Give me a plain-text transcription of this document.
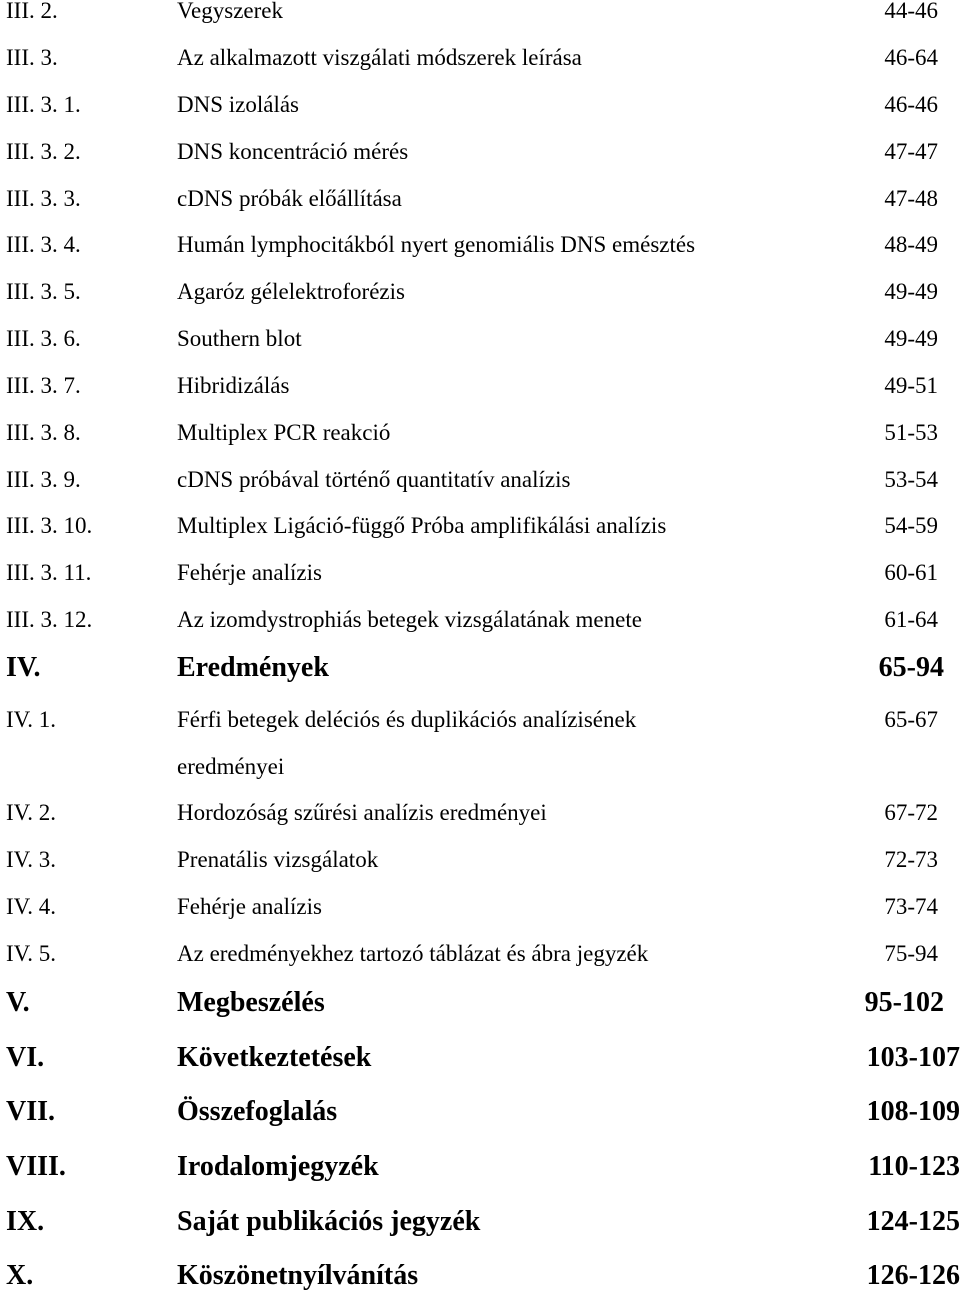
III. 2.	Vegyszerek	44-46
III. 3.	Az alkalmazott viszgálati módszerek leírása	46-64
III. 3. 1.	DNS izolálás	46-46
III. 3. 2.	DNS koncentráció mérés	47-47
III. 3. 3.	cDNS próbák előállítása	47-48
III. 3. 4.	Humán lymphocitákból nyert genomiális DNS emésztés	48-49
III. 3. 5.	Agaróz gélelektroforézis	49-49
III. 3. 6.	Southern blot	49-49
III. 3. 7.	Hibridizálás	49-51
III. 3. 8.	Multiplex PCR reakció	51-53
III. 3. 9.	cDNS próbával történő quantitatív analízis	53-54
III. 3. 10.	Multiplex Ligáció-függő Próba amplifikálási analízis	54-59
III. 3. 11.	Fehérje analízis	60-61
III. 3. 12.	Az izomdystrophiás betegek vizsgálatának menete	61-64
IV.	Eredmények	65-94
IV. 1.	Férfi betegek deléciós és duplikációs analízisének	65-67
eredményei
IV. 2.	Hordozóság szűrési analízis eredményei	67-72
IV. 3.	Prenatális vizsgálatok	72-73
IV. 4.	Fehérje analízis	73-74
IV. 5.	Az eredményekhez tartozó táblázat és ábra jegyzék	75-94
V.	Megbeszélés	95-102
VI.	Következtetések	103-107
VII.	Összefoglalás	108-109
VIII.	Irodalomjegyzék	110-123
IX.	Saját publikációs jegyzék	124-125
X.	Köszönetnyílvánítás	126-126
